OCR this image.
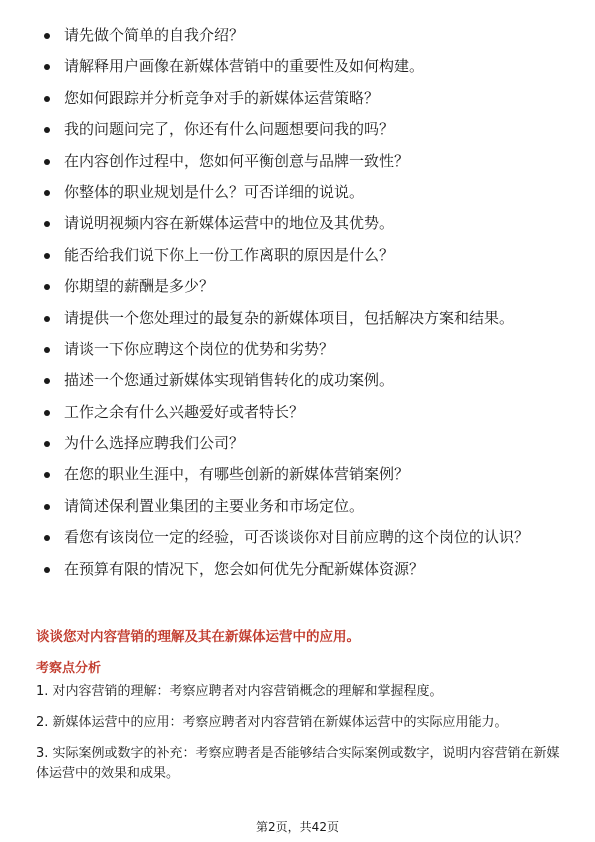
请先做个简单的自我介绍？
请解释用户画像在新媒体营销中的重要性及如何构建。
您如何跟踪并分析竞争对手的新媒体运营策略？
我的问题问完了，你还有什么问题想要问我的吗？
在内容创作过程中，您如何平衡创意与品牌一致性？
你整体的职业规划是什么？可否详细的说说。
请说明视频内容在新媒体运营中的地位及其优势。
能否给我们说下你上一份工作离职的原因是什么？
你期望的薪酬是多少？
请提供一个您处理过的最复杂的新媒体项目，包括解决方案和结果。
请谈一下你应聘这个岗位的优势和劣势？
描述一个您通过新媒体实现销售转化的成功案例。
工作之余有什么兴趣爱好或者特长？
为什么选择应聘我们公司？
在您的职业生涯中，有哪些创新的新媒体营销案例？
请简述保利置业集团的主要业务和市场定位。
看您有该岗位一定的经验，可否谈谈你对目前应聘的这个岗位的认识？
在预算有限的情况下，您会如何优先分配新媒体资源？
谈谈您对内容营销的理解及其在新媒体运营中的应用。
考察点分析
1. 对内容营销的理解：考察应聘者对内容营销概念的理解和掌握程度。
2. 新媒体运营中的应用：考察应聘者对内容营销在新媒体运营中的实际应用能力。
3. 实际案例或数字的补充：考察应聘者是否能够结合实际案例或数字，说明内容营销在新媒体运营中的效果和成果。
第2页，共42页
